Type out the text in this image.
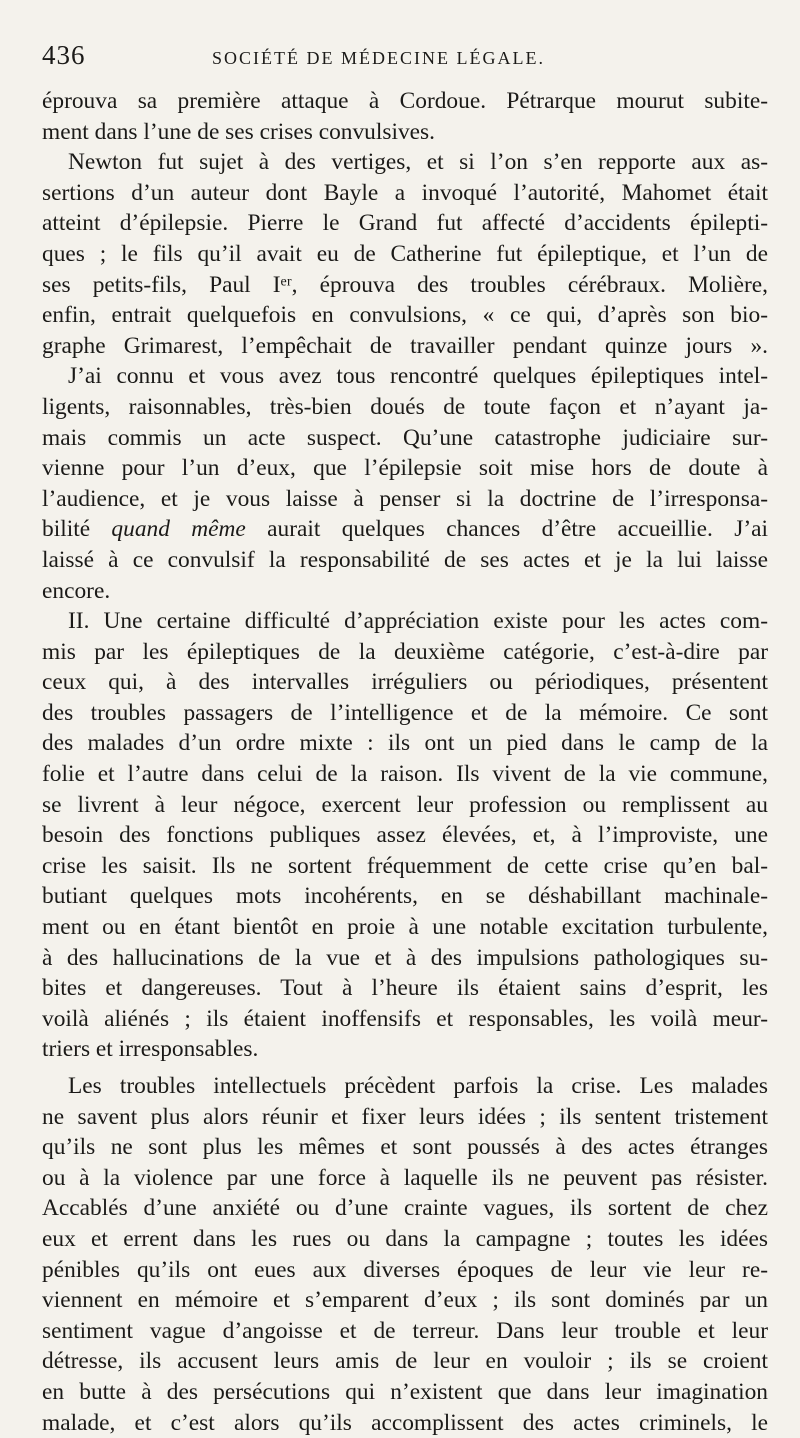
436	SOCIÉTÉ DE MÉDECINE LÉGALE.
éprouva sa première attaque à Cordoue. Pétrarque mourut subite-
ment dans l’une de ses crises convulsives.
Newton fut sujet à des vertiges, et si l’on s’en repporte aux as-
sertions d’un auteur dont Bayle a invoqué l’autorité, Mahomet était
atteint d’épilepsie. Pierre le Grand fut affecté d’accidents épilepti-
ques ; le fils qu’il avait eu de Catherine fut épileptique, et l’un de
ses petits-fils, Paul Iᵉʳ, éprouva des troubles cérébraux. Molière,
enfin, entrait quelquefois en convulsions, « ce qui, d’après son bio-
graphe Grimarest, l’empêchait de travailler pendant quinze jours ».
J’ai connu et vous avez tous rencontré quelques épileptiques intel-
ligents, raisonnables, très-bien doués de toute façon et n’ayant ja-
mais commis un acte suspect. Qu’une catastrophe judiciaire sur-
vienne pour l’un d’eux, que l’épilepsie soit mise hors de doute à
l’audience, et je vous laisse à penser si la doctrine de l’irresponsa-
bilité quand même aurait quelques chances d’être accueillie. J’ai
laissé à ce convulsif la responsabilité de ses actes et je la lui laisse
encore.
II. Une certaine difficulté d’appréciation existe pour les actes com-
mis par les épileptiques de la deuxième catégorie, c’est-à-dire par
ceux qui, à des intervalles irréguliers ou périodiques, présentent
des troubles passagers de l’intelligence et de la mémoire. Ce sont
des malades d’un ordre mixte : ils ont un pied dans le camp de la
folie et l’autre dans celui de la raison. Ils vivent de la vie commune,
se livrent à leur négoce, exercent leur profession ou remplissent au
besoin des fonctions publiques assez élevées, et, à l’improviste, une
crise les saisit. Ils ne sortent fréquemment de cette crise qu’en bal-
butiant quelques mots incohérents, en se déshabillant machinale-
ment ou en étant bientôt en proie à une notable excitation turbulente,
à des hallucinations de la vue et à des impulsions pathologiques su-
bites et dangereuses. Tout à l’heure ils étaient sains d’esprit, les
voilà aliénés ; ils étaient inoffensifs et responsables, les voilà meur-
triers et irresponsables.
Les troubles intellectuels précèdent parfois la crise. Les malades
ne savent plus alors réunir et fixer leurs idées ; ils sentent tristement
qu’ils ne sont plus les mêmes et sont poussés à des actes étranges
ou à la violence par une force à laquelle ils ne peuvent pas résister.
Accablés d’une anxiété ou d’une crainte vagues, ils sortent de chez
eux et errent dans les rues ou dans la campagne ; toutes les idées
pénibles qu’ils ont eues aux diverses époques de leur vie leur re-
viennent en mémoire et s’emparent d’eux ; ils sont dominés par un
sentiment vague d’angoisse et de terreur. Dans leur trouble et leur
détresse, ils accusent leurs amis de leur en vouloir ; ils se croient
en butte à des persécutions qui n’existent que dans leur imagination
malade, et c’est alors qu’ils accomplissent des actes criminels, le
